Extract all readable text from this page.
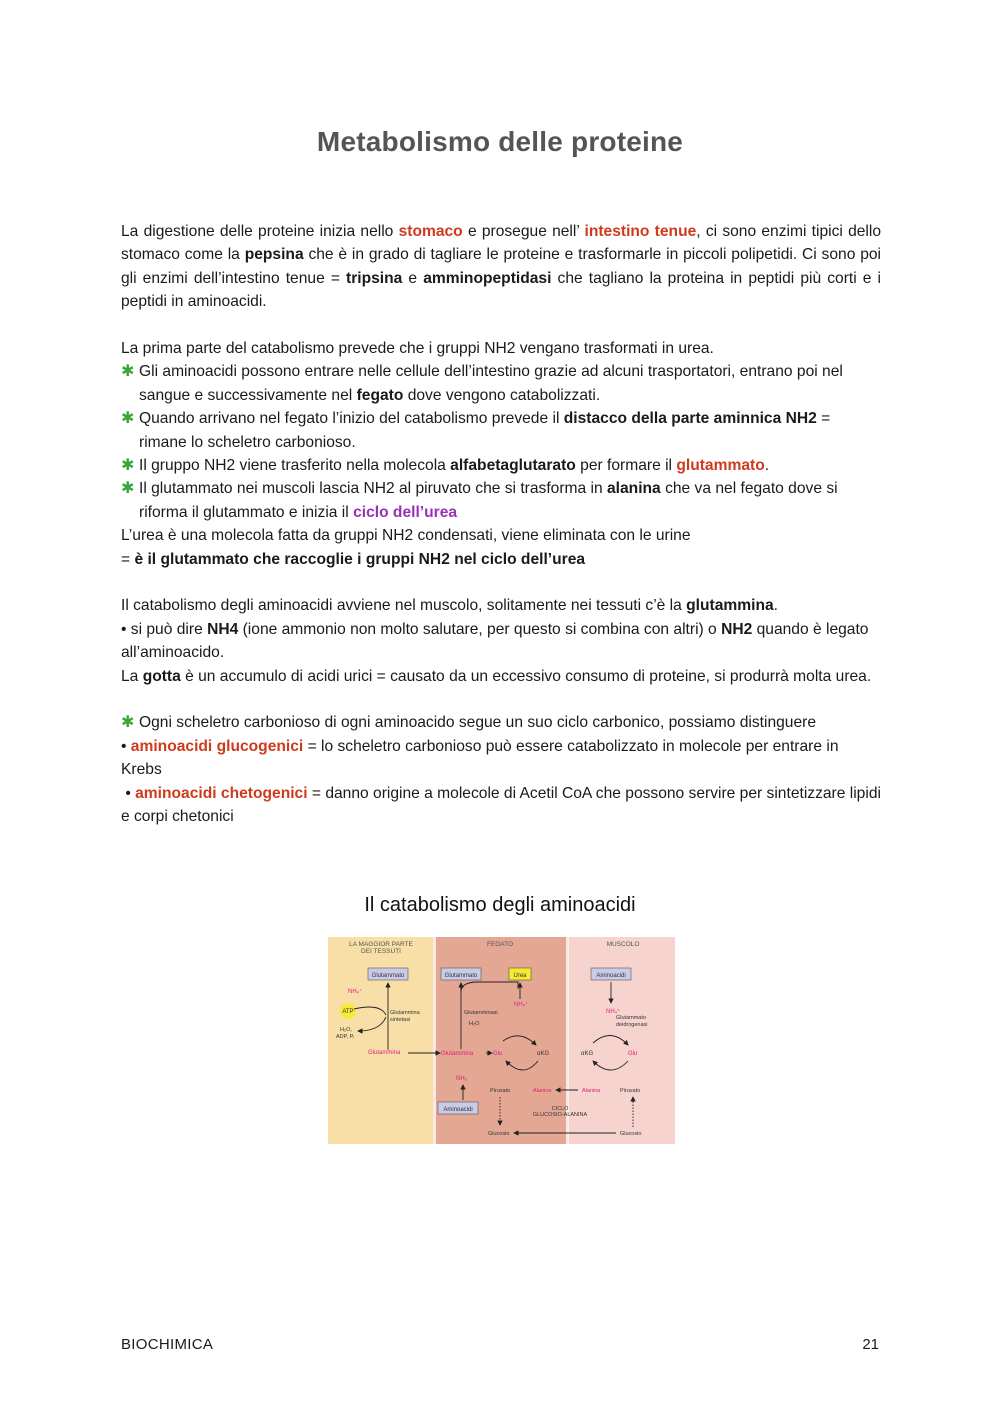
Metabolismo delle proteine

La digestione delle proteine inizia nello stomaco e prosegue nell’ intestino tenue, ci sono enzimi tipici dello stomaco come la pepsina che è in grado di tagliare le proteine e trasformarle in piccoli polipetidi. Ci sono poi gli enzimi dell’intestino tenue = tripsina e amminopeptidasi che tagliano la proteina in peptidi più corti e i peptidi in aminoacidi.

La prima parte del catabolismo prevede che i gruppi NH2 vengano trasformati in urea.

✱ Gli aminoacidi possono entrare nelle cellule dell’intestino grazie ad alcuni trasportatori, entrano poi nel sangue e successivamente nel fegato dove vengono catabolizzati.
✱ Quando arrivano nel fegato l’inizio del catabolismo prevede il distacco della parte aminnica NH2 = rimane lo scheletro carbonioso.
✱ Il gruppo NH2 viene trasferito nella molecola alfabetaglutarato per formare il glutammato.
✱ Il glutammato nei muscoli lascia NH2 al piruvato che si trasforma in alanina che va nel fegato dove si riforma il glutammato e inizia il ciclo dell’urea

L’urea è una molecola fatta da gruppi NH2 condensati, viene eliminata con le urine

= è il glutammato che raccoglie i gruppi NH2 nel ciclo dell’urea

Il catabolismo degli aminoacidi avviene nel muscolo, solitamente nei tessuti c’è la glutammina.

• si può dire NH4 (ione ammonio non molto salutare, per questo si combina con altri) o NH2 quando è legato all’aminoacido.

La gotta è un accumulo di acidi urici = causato da un eccessivo consumo di proteine, si produrrà molta urea.

✱ Ogni scheletro carbonioso di ogni aminoacido segue un suo ciclo carbonico, possiamo distinguere

• aminoacidi glucogenici = lo scheletro carbonioso può essere catabolizzato in molecole per entrare in Krebs

• aminoacidi chetogenici = danno origine a molecole di Acetil CoA che possono servire per sintetizzare lipidi e corpi chetonici

Il catabolismo degli aminoacidi
LA MAGGIOR PARTE
DEI TESSUTI
FEGATO	MUSCOLO
Glutammato
NH₄⁺
ATP	Glutammina
sintetasi
H₂O,
ADP, Pᵢ
Glutammina
Glutammato	Urea
NH₄⁺
Glutamminasi
H₂O
Glutammina	Glu	αKG
NH₃
Piruvato	Alanina
Aminoacidi	CICLO
GLUCOSIO-ALANINA
Glucosio
Aminoacidi
NH₄⁺
Glutammato
deidrogenasi
αKG	Glu
Alanina	Piruvato
Glucosio
BIOCHIMICA	21
